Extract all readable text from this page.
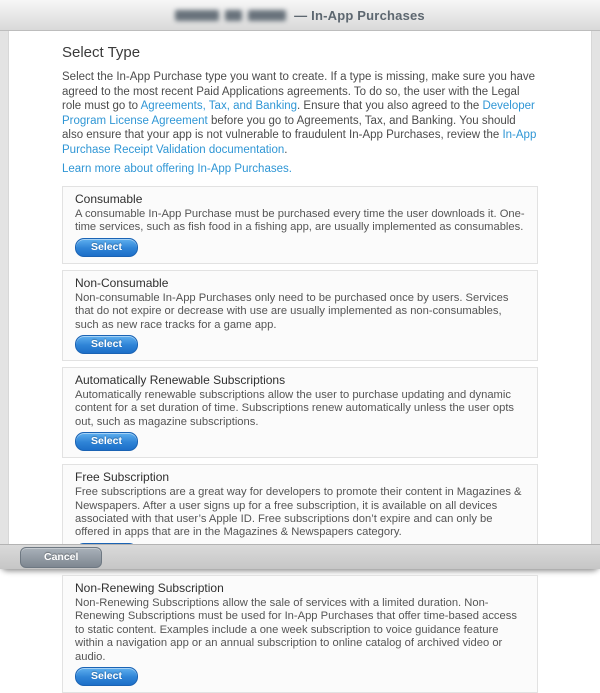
— In-App Purchases
Select Type

Select the In-App Purchase type you want to create. If a type is missing, make sure you have agreed to the most recent Paid Applications agreements. To do so, the user with the Legal role must go to Agreements, Tax, and Banking. Ensure that you also agreed to the Developer Program License Agreement before you go to Agreements, Tax, and Banking. You should also ensure that your app is not vulnerable to fraudulent In-App Purchases, review the In-App Purchase Receipt Validation documentation.

Learn more about offering In-App Purchases.

Consumable
A consumable In-App Purchase must be purchased every time the user downloads it. One-time services, such as fish food in a fishing app, are usually implemented as consumables.
Select
Non-Consumable
Non-consumable In-App Purchases only need to be purchased once by users. Services that do not expire or decrease with use are usually implemented as non-consumables, such as new race tracks for a game app.
Select
Automatically Renewable Subscriptions
Automatically renewable subscriptions allow the user to purchase updating and dynamic content for a set duration of time. Subscriptions renew automatically unless the user opts out, such as magazine subscriptions.
Select
Free Subscription
Free subscriptions are a great way for developers to promote their content in Magazines & Newspapers. After a user signs up for a free subscription, it is available on all devices associated with that user’s Apple ID. Free subscriptions don’t expire and can only be offered in apps that are in the Magazines & Newspapers category.
Non-Renewing Subscription
Non-Renewing Subscriptions allow the sale of services with a limited duration. Non-Renewing Subscriptions must be used for In-App Purchases that offer time-based access to static content. Examples include a one week subscription to voice guidance feature within a navigation app or an annual subscription to online catalog of archived video or audio.
Select
Cancel
